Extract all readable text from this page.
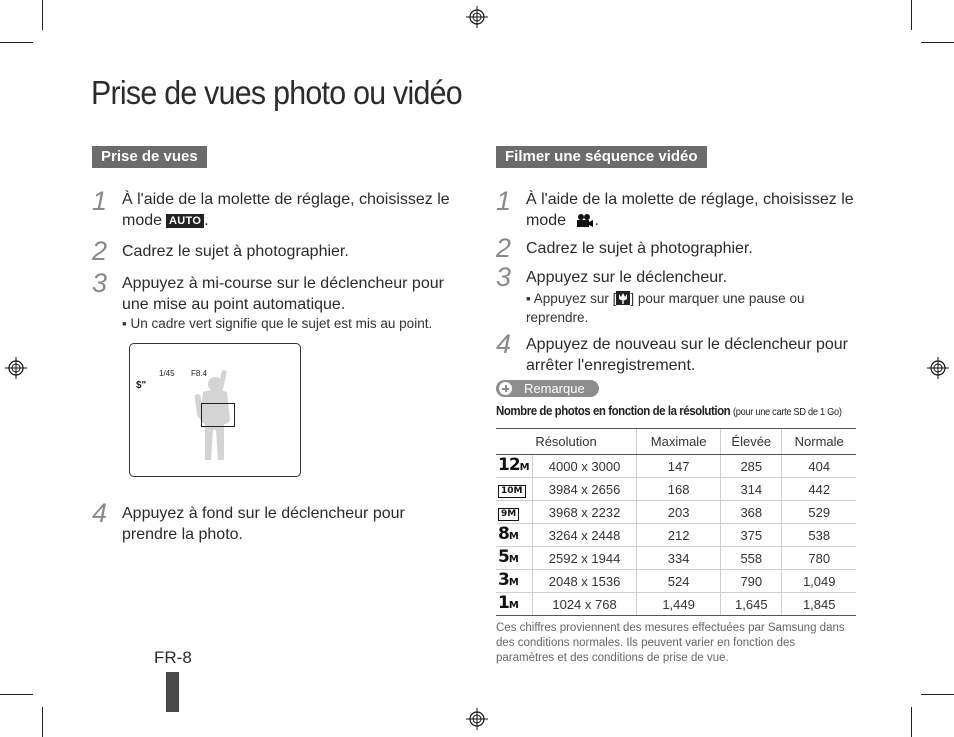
Prise de vues photo ou vidéo
Prise de vues
1 À l'aide de la molette de réglage, choisissez le mode AUTO .
2 Cadrez le sujet à photographier.
3 Appuyez à mi-course sur le déclencheur pour une mise au point automatique.
▪ Un cadre vert signifie que le sujet est mis au point.
$"
1/45 F8.4
4 Appuyez à fond sur le déclencheur pour prendre la photo.
FR-8
Filmer une séquence vidéo
1 À l'aide de la molette de réglage, choisissez le mode .
2 Cadrez le sujet à photographier.
3 Appuyez sur le déclencheur.
▪ Appuyez sur [ ] pour marquer une pause ou reprendre.
4 Appuyez de nouveau sur le déclencheur pour arrêter l'enregistrement.
Remarque
Nombre de photos en fonction de la résolution (pour une carte SD de 1 Go)
Résolution		Maximale	Élevée	Normale
12M	4000 x 3000	147	285	404
10M	3984 x 2656	168	314	442
9M	3968 x 2232	203	368	529
8M	3264 x 2448	212	375	538
5M	2592 x 1944	334	558	780
3M	2048 x 1536	524	790	1,049
1M	1024 x 768	1,449	1,645	1,845
Ces chiffres proviennent des mesures effectuées par Samsung dans des conditions normales. Ils peuvent varier en fonction des paramètres et des conditions de prise de vue.
